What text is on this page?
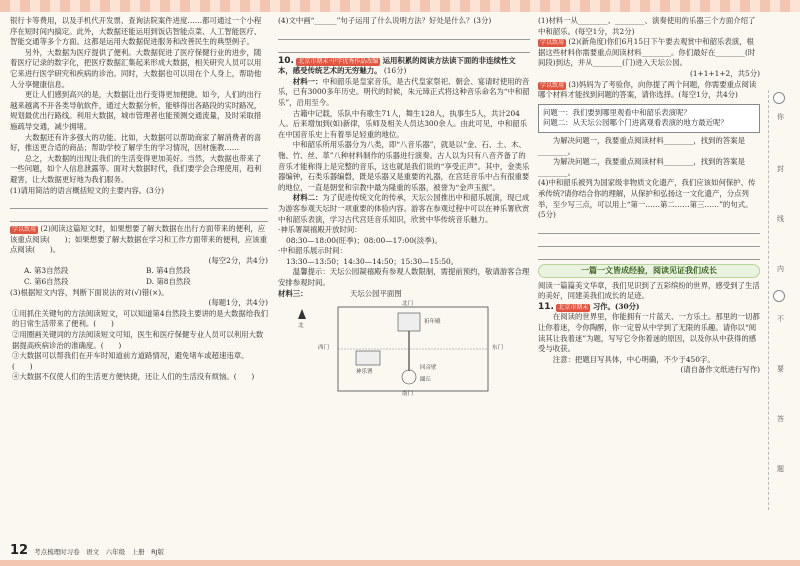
银行卡等费用，以及手机代开发票、查询法院案件进度……都可通过一个小程序在短时间内搞定。此外，大数据还能运用到饭店智能点菜、人工智能医疗、智能交通等多个方面。这都是运用大数据促进服务和改善民生的典型例子。

另外，大数据为医疗提供了便利。大数据促进了医疗保健行业的进步，随着医疗记录的数字化，把医疗数据汇集起来形成大数据，相关研究人员可以用它来进行医学研究和疾病的诊治。同时，大数据也可以用在个人身上，帮助他人分享健康信息。

更让人们感到高兴的是，大数据让出行变得更加便捷。如今，人们的出行越来越离不开各类导航软件，通过大数据分析，能够得出各路段的实时路况，规划最优出行路线。利用大数据，城市管理者也能预测交通流量，及时采取措施疏导交通，减少拥堵。

大数据还有许多强大的功能。比如，大数据可以帮助商家了解消费者的喜好，推送更合适的商品；帮助学校了解学生的学习情况，因材施教……

总之，大数据的出现让我们的生活变得更加美好。当然，大数据也带来了一些问题，如个人信息泄露等。面对大数据时代，我们要学会合理使用，趋利避害，让大数据更好地为我们服务。

(1)请用简洁的语言概括短文的主要内容。(3分)

学以致用 (2)阅读这篇短文时，如果想要了解大数据在出行方面带来的便利，应该重点阅读(　　)；如果想要了解大数据在学习和工作方面带来的便利，应该重点阅读(　　)。

(每空2分，共4分)

A. 第3自然段	B. 第4自然段
C. 第6自然段	D. 第8自然段

(3)根据短文内容，判断下面说法的对(√)错(×)。

(每题1分，共4分)

①用抓住关键句的方法阅读短文，可以知道第4自然段主要讲的是大数据给我们的日常生活带来了便利。(　　)
②用圈画关键词的方法阅读短文可知，医生和医疗保健专业人员可以利用大数据提高疾病诊治的准确度。(　　)
③大数据可以帮我们在开车时知道前方道路情况，避免堵车或超速违章。(　　)
④大数据不仅使人们的生活更方便快捷，还让人们的生活没有烦恼。(　　)

(4)文中画“______”句子运用了什么说明方法？好处是什么？(3分)

10. 北京市期末·中学优秀作品改编 运用积累的阅读方法读下面的非连续性文本，感受传统艺术的无穷魅力。 (16分)

材料一：中和韶乐是皇家音乐，是古代皇家祭祀、朝会、宴请时使用的音乐，已有3000多年历史。明代的时候，朱元璋正式将这种音乐命名为“中和韶乐”，沿用至今。

古籍中记载，乐队中有歌生71人，舞生128人，执事生5人，共计204人。后来增加到(如)新律，乐师及相关人员达300余人。由此可见，中和韶乐在中国音乐史上有着举足轻重的地位。

中和韶乐所用乐器分为八类，即“八音乐器”，就是以“金、石、土、木、匏、竹、丝、革”八种材料制作的乐器进行演奏。古人以为只有八音齐备了的音乐才能称得上是完整的音乐，这也就是我们说的“享受正声”。其中，金类乐器编钟，石类乐器编磬，既是乐器又是重要的礼器，在宫廷音乐中占有很重要的地位，一直是朝堂和宗教中最为隆重的乐器，被誉为“金声玉振”。

材料二：为了促进传统文化的传承，天坛公园推出中和韶乐展演，现已成为游客参观天坛时一项重要的体验内容。游客在参观过程中可以在神乐署欣赏中和韶乐表演，学习古代宫廷音乐知识，欣赏中华传统音乐魅力。

·神乐署凝禧殿开放时间：
08:30—18:00(旺季)；08:00—17:00(淡季)。
·中和韶乐展示时间：
13:30—13:50；14:30—14:50；15:30—15:50。

温馨提示：天坛公园凝禧殿有参观人数限制，需提前预约，敬请游客合理安排参观时间。

材料三：	天坛公园平面图

北
北门
东门
西门
南门
祈年殿
神乐署
回音壁
圜丘

(1)材料一从________、________、演奏使用的乐器三个方面介绍了中和韶乐。(每空1分，共2分)

学以致用 (2)(新角度)你们6月15日下午要去观赏中和韶乐表演，根据这些材料你需要重点阅读材料________。你们最好在________(时间段)到达，并从________(门)进入天坛公园。

(1+1+1+2，共5分)

学以致用 (3)妈妈为了考验你，向你提了两个问题，你需要重点阅读哪个材料才能找到问题的答案，请你选择。(每空1分，共4分)

问题一：我们要到哪里观看中和韶乐表演呢？
问题二：从天坛公园哪个门进离观看表演的地方最近呢？

为解决问题一，我要重点阅读材料________，找到的答案是________。

为解决问题二，我要重点阅读材料________，找到的答案是________。

(4)中和韶乐被列为国家级非物质文化遗产，我们应该如何保护、传承传统?请你结合你的理解，从保护和弘扬这一文化遗产，分点列举，至少写三点，可以用上“第一……第二……第三……”的句式。(5分)

一篇一文皆成经验，阅读见证我们成长

阅读一篇篇美文华章，我们见识到了五彩缤纷的世界，感受到了生活的美好，同建美我们成长的足迹。

11. 北京市期末 习作。(30分)

在阅读的世界里，你能拥有一片蓝天、一方乐土。那里的一切都让你着迷，令你陶醉，你一定曾从中学到了无限的乐趣。请你以“阅读其让我着迷”为题，写写它令你着迷的原因，以及你从中获得的感受与收获。

注意：把题目写具体，中心明确，不少于450字。

(请自备作文纸进行写作)

你
封
线
内
不
要
答
题
12 考点梳理时习卷　语文　六年级　上册　RJ版
